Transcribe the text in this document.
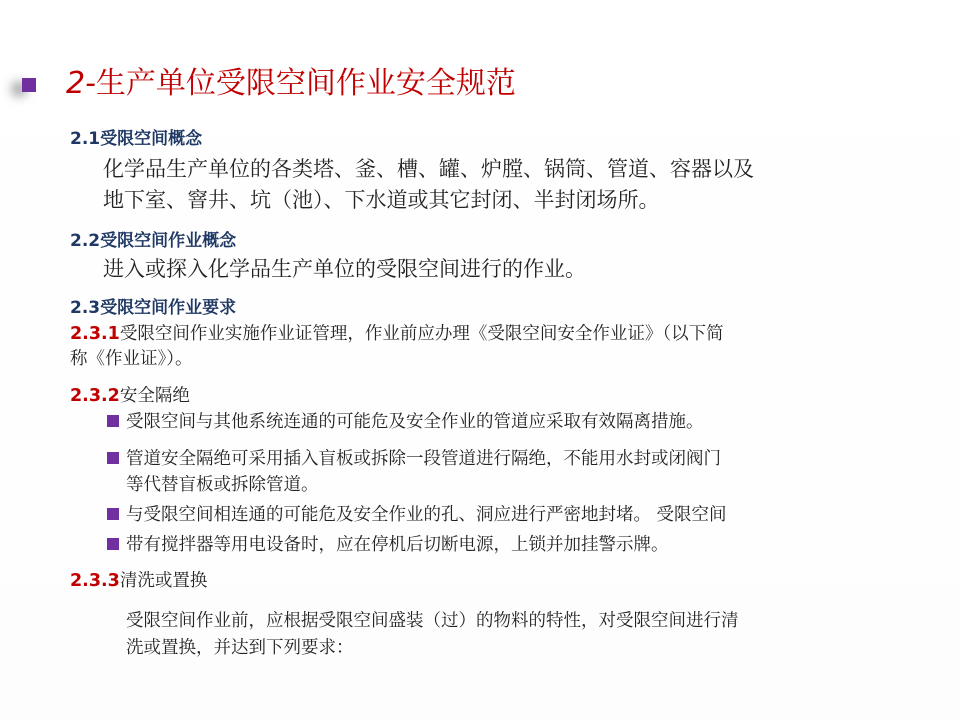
2-生产单位受限空间作业安全规范
2.1受限空间概念
化学品生产单位的各类塔、釜、槽、罐、炉膛、锅筒、管道、容器以及
地下室、窨井、坑（池）、下水道或其它封闭、半封闭场所。
2.2受限空间作业概念
进入或探入化学品生产单位的受限空间进行的作业。
2.3受限空间作业要求
2.3.1受限空间作业实施作业证管理，作业前应办理《受限空间安全作业证》（以下简
称《作业证》）。
2.3.2安全隔绝
受限空间与其他系统连通的可能危及安全作业的管道应采取有效隔离措施。
管道安全隔绝可采用插入盲板或拆除一段管道进行隔绝，不能用水封或闭阀门
等代替盲板或拆除管道。
与受限空间相连通的可能危及安全作业的孔、洞应进行严密地封堵。 受限空间
带有搅拌器等用电设备时，应在停机后切断电源，上锁并加挂警示牌。
2.3.3清洗或置换
受限空间作业前，应根据受限空间盛装（过）的物料的特性，对受限空间进行清
洗或置换，并达到下列要求：
